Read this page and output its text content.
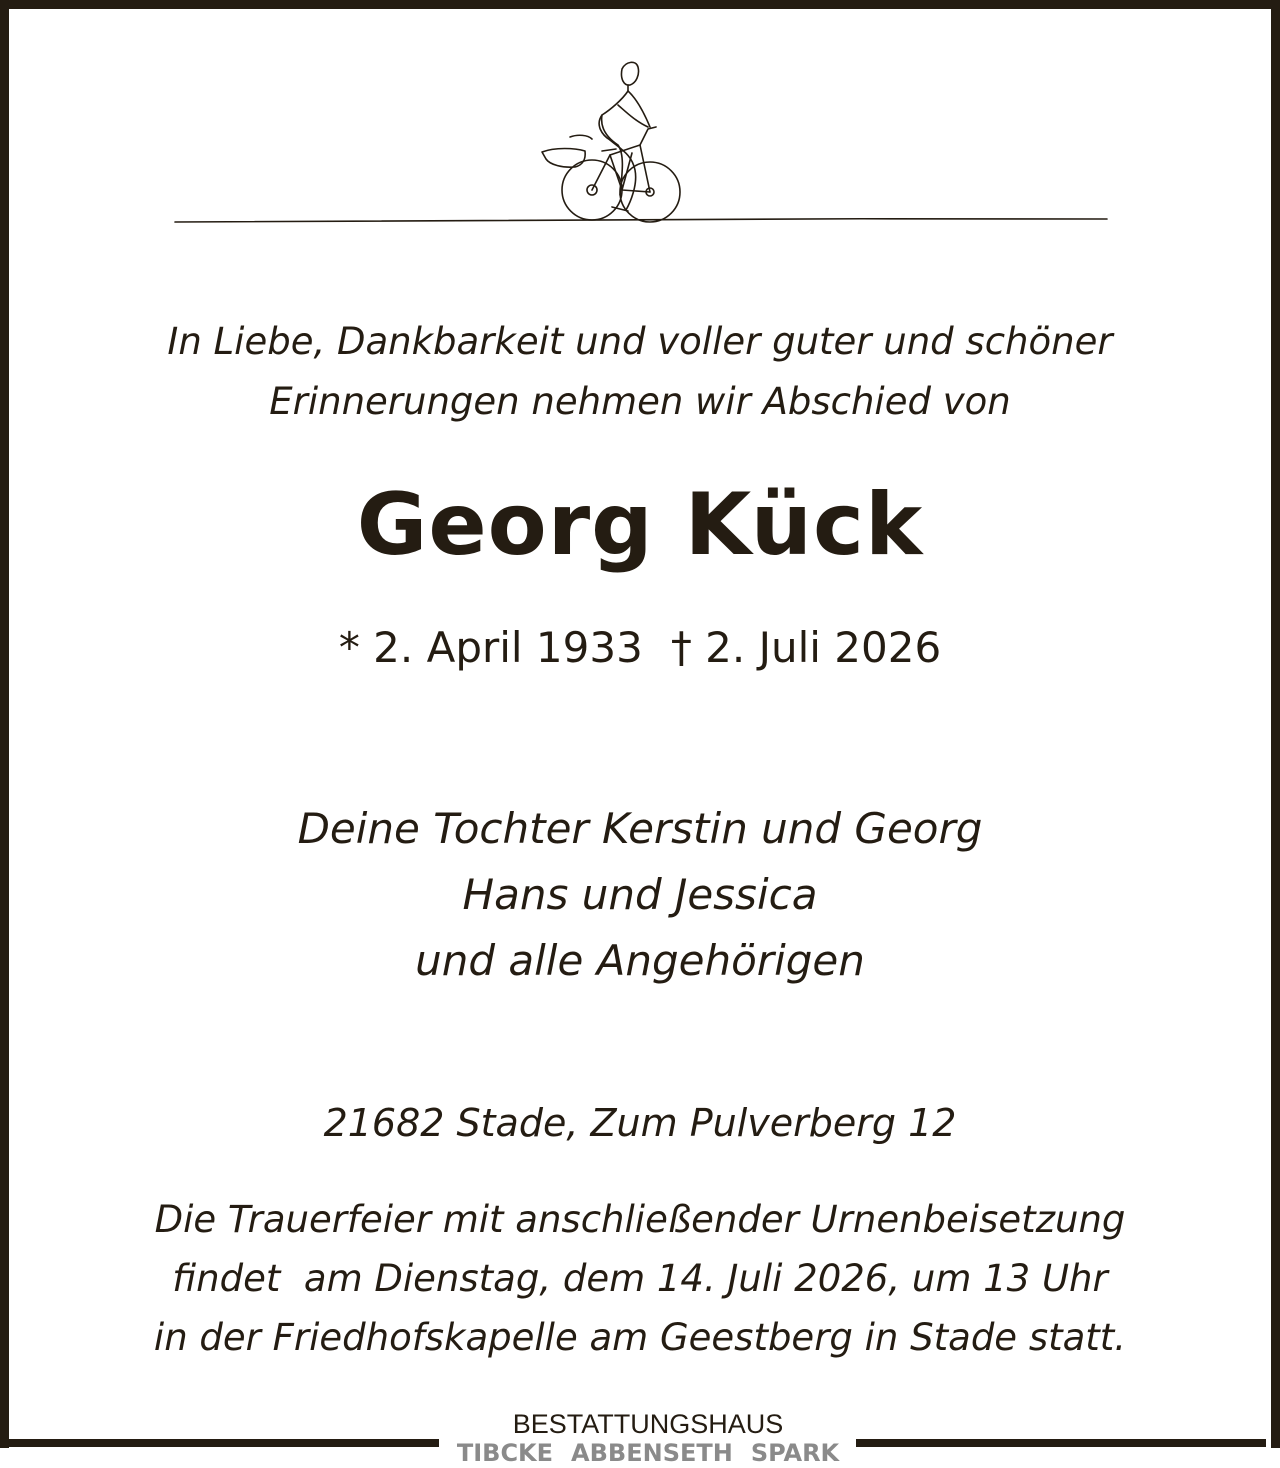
In Liebe, Dankbarkeit und voller guter und schöner
Erinnerungen nehmen wir Abschied von
Georg Kück
* 2. April 1933 † 2. Juli 2026
Deine Tochter Kerstin und Georg
Hans und Jessica
und alle Angehörigen
21682 Stade, Zum Pulverberg 12
Die Trauerfeier mit anschließender Urnenbeisetzung
findet  am Dienstag, dem 14. Juli 2026, um 13 Uhr
in der Friedhofskapelle am Geestberg in Stade statt.
BESTATTUNGSHAUS
TIBCKE ABBENSETH SPARK
